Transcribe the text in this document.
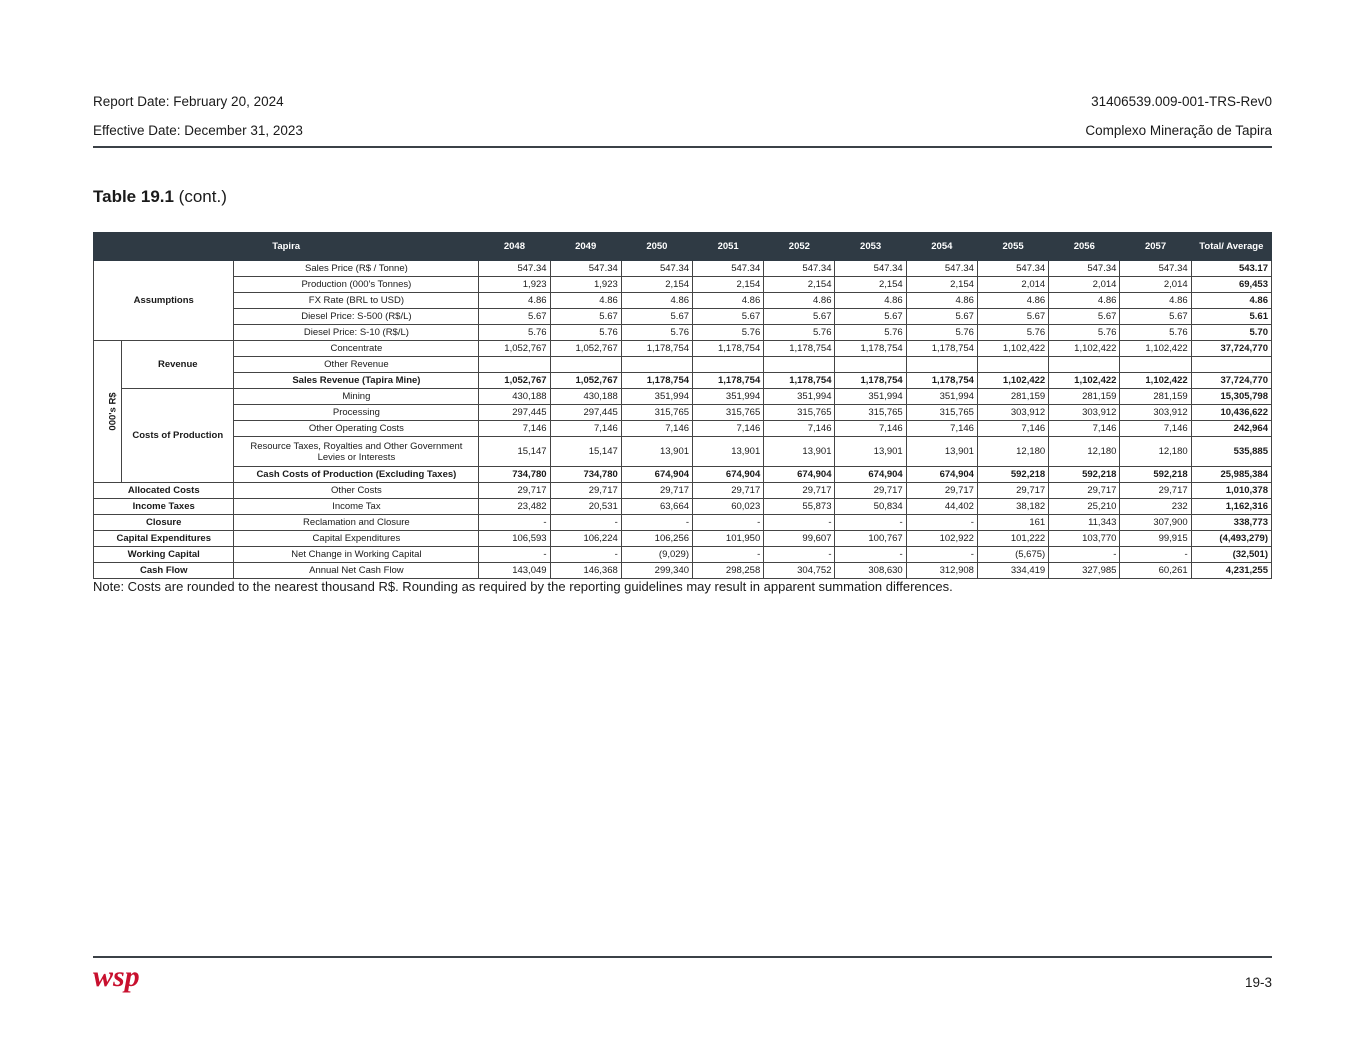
Report Date: February 20, 2024
Effective Date: December 31, 2023
31406539.009-001-TRS-Rev0
Complexo Mineração de Tapira
Table 19.1 (cont.)
Tapira			2048	2049	2050	2051	2052	2053	2054	2055	2056	2057	Total/ Average
Assumptions		Sales Price (R$ / Tonne)	547.34	547.34	547.34	547.34	547.34	547.34	547.34	547.34	547.34	547.34	543.17
		Production (000's Tonnes)	1,923	1,923	2,154	2,154	2,154	2,154	2,154	2,014	2,014	2,014	69,453
		FX Rate (BRL to USD)	4.86	4.86	4.86	4.86	4.86	4.86	4.86	4.86	4.86	4.86	4.86
		Diesel Price: S-500 (R$/L)	5.67	5.67	5.67	5.67	5.67	5.67	5.67	5.67	5.67	5.67	5.61
		Diesel Price: S-10 (R$/L)	5.76	5.76	5.76	5.76	5.76	5.76	5.76	5.76	5.76	5.76	5.70
000's R$	Revenue	Concentrate	1,052,767	1,052,767	1,178,754	1,178,754	1,178,754	1,178,754	1,178,754	1,102,422	1,102,422	1,102,422	37,724,770
		Other Revenue											
		Sales Revenue (Tapira Mine)	1,052,767	1,052,767	1,178,754	1,178,754	1,178,754	1,178,754	1,178,754	1,102,422	1,102,422	1,102,422	37,724,770
	Costs of Production	Mining	430,188	430,188	351,994	351,994	351,994	351,994	351,994	281,159	281,159	281,159	15,305,798
		Processing	297,445	297,445	315,765	315,765	315,765	315,765	315,765	303,912	303,912	303,912	10,436,622
		Other Operating Costs	7,146	7,146	7,146	7,146	7,146	7,146	7,146	7,146	7,146	7,146	242,964
		Resource Taxes, Royalties and Other Government Levies or Interests	15,147	15,147	13,901	13,901	13,901	13,901	13,901	12,180	12,180	12,180	535,885
		Cash Costs of Production (Excluding Taxes)	734,780	734,780	674,904	674,904	674,904	674,904	674,904	592,218	592,218	592,218	25,985,384
Allocated Costs		Other Costs	29,717	29,717	29,717	29,717	29,717	29,717	29,717	29,717	29,717	29,717	1,010,378
Income Taxes		Income Tax	23,482	20,531	63,664	60,023	55,873	50,834	44,402	38,182	25,210	232	1,162,316
Closure		Reclamation and Closure	-	-	-	-	-	-	-	161	11,343	307,900	338,773
Capital Expenditures		Capital Expenditures	106,593	106,224	106,256	101,950	99,607	100,767	102,922	101,222	103,770	99,915	(4,493,279)
Working Capital		Net Change in Working Capital	-	-	(9,029)	-	-	-	-	(5,675)	-	-	(32,501)
Cash Flow		Annual Net Cash Flow	143,049	146,368	299,340	298,258	304,752	308,630	312,908	334,419	327,985	60,261	4,231,255
Note: Costs are rounded to the nearest thousand R$. Rounding as required by the reporting guidelines may result in apparent summation differences.
wsp	19-3
